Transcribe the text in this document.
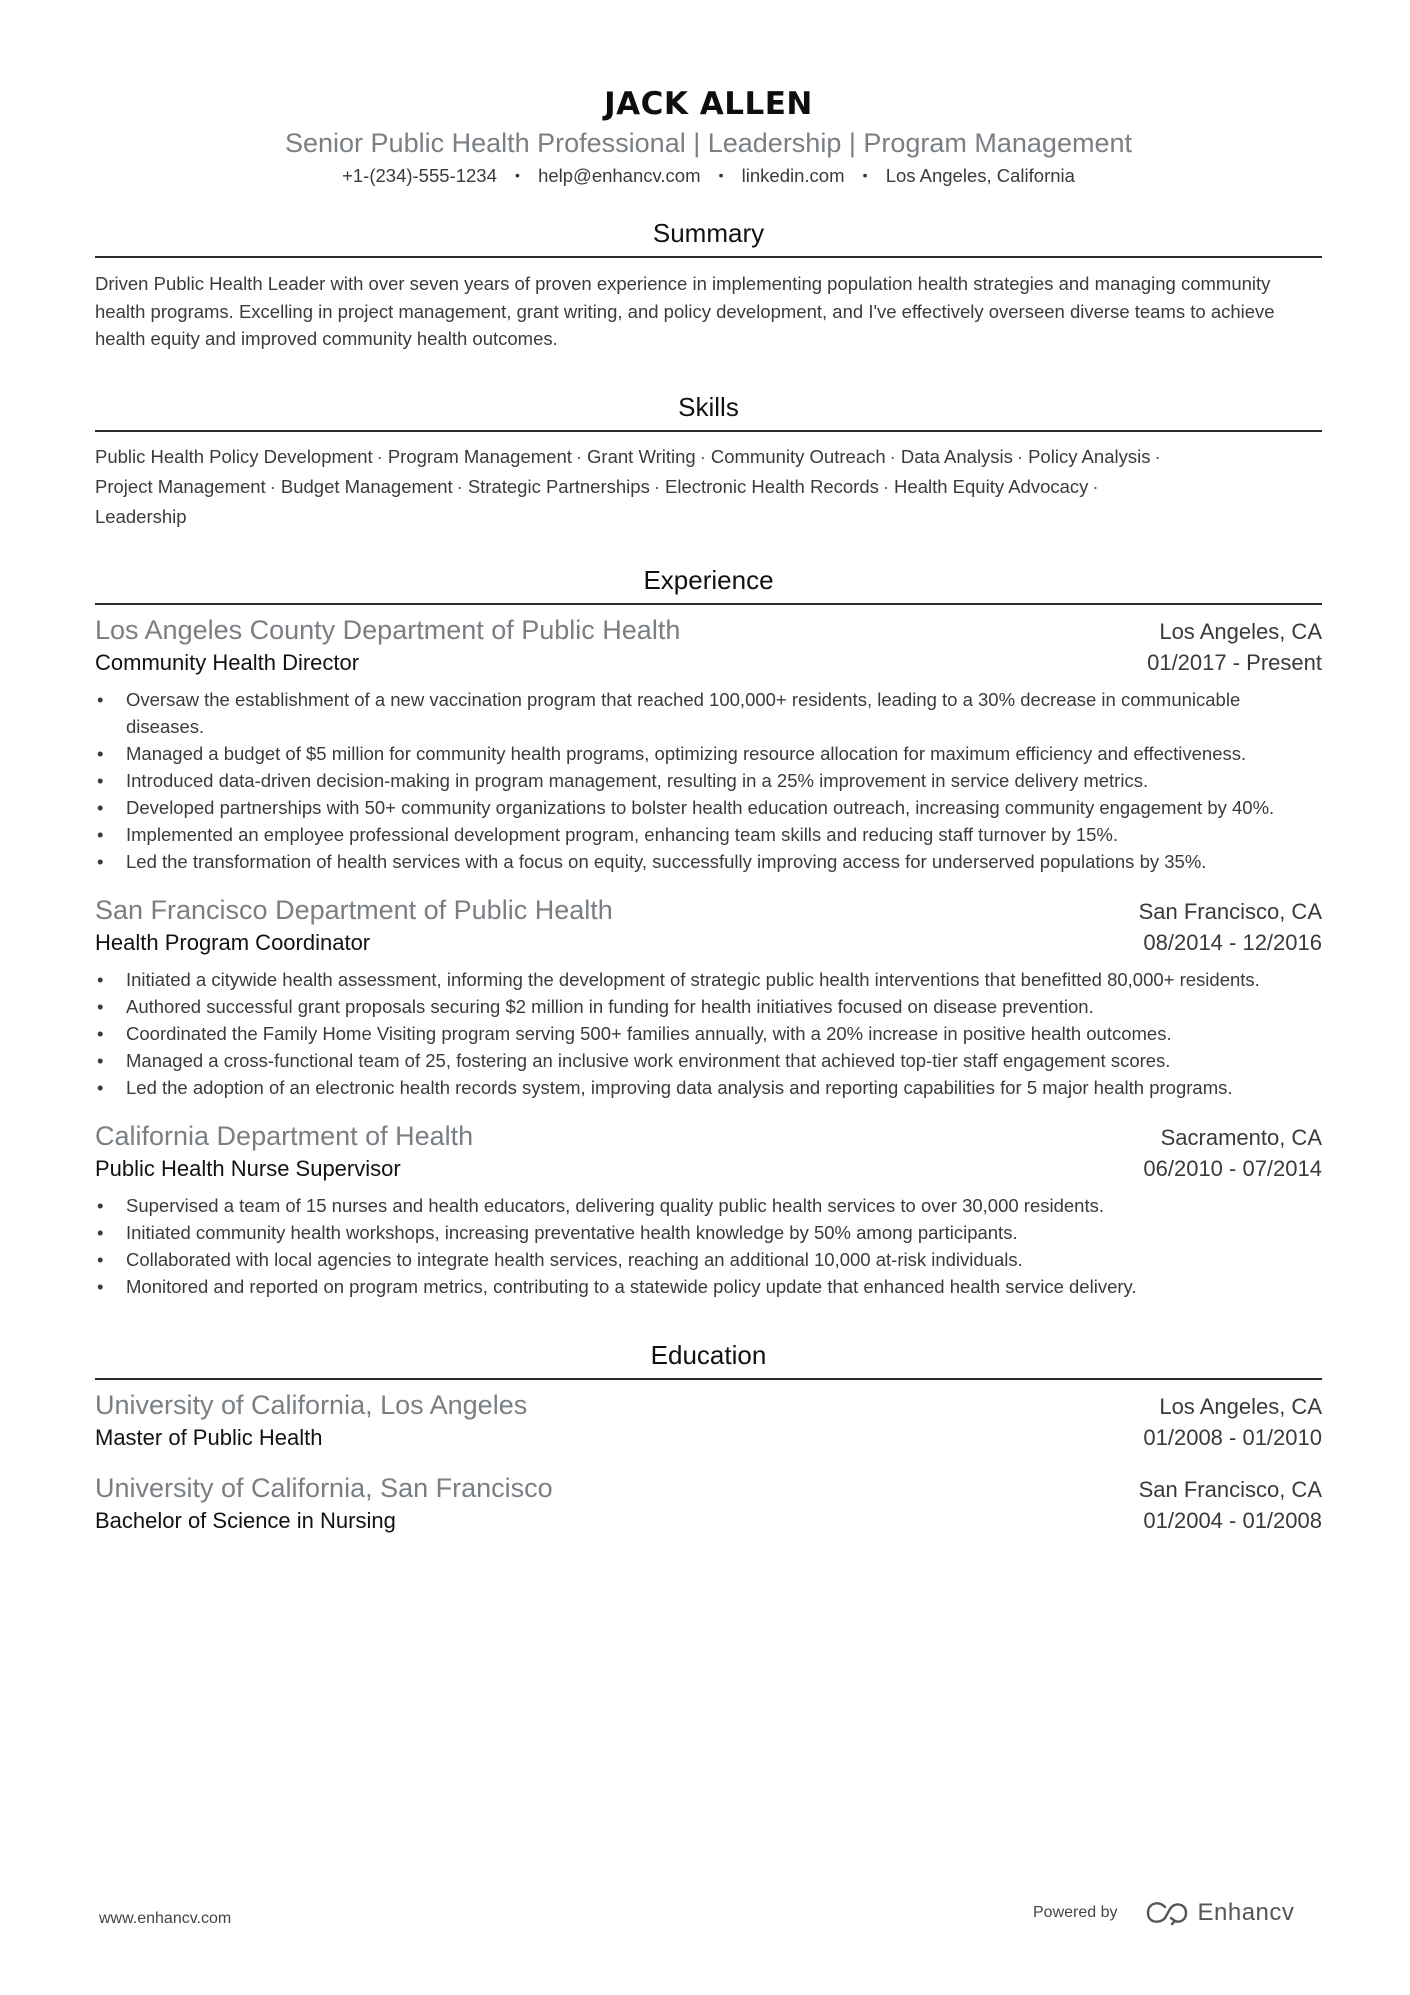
JACK ALLEN
Senior Public Health Professional | Leadership | Program Management
+1-(234)-555-1234 • help@enhancv.com • linkedin.com • Los Angeles, California
Summary

Driven Public Health Leader with over seven years of proven experience in implementing population health strategies and managing community health programs. Excelling in project management, grant writing, and policy development, and I've effectively overseen diverse teams to achieve health equity and improved community health outcomes.

Skills
Public Health Policy Development · Program Management · Grant Writing · Community Outreach · Data Analysis · Policy Analysis ·
Project Management · Budget Management · Strategic Partnerships · Electronic Health Records · Health Equity Advocacy ·
Leadership
Experience
Los Angeles County Department of Public Health	Los Angeles, CA
Community Health Director	01/2017 - Present
• Oversaw the establishment of a new vaccination program that reached 100,000+ residents, leading to a 30% decrease in communicable diseases.
• Managed a budget of $5 million for community health programs, optimizing resource allocation for maximum efficiency and effectiveness.
• Introduced data-driven decision-making in program management, resulting in a 25% improvement in service delivery metrics.
• Developed partnerships with 50+ community organizations to bolster health education outreach, increasing community engagement by 40%.
• Implemented an employee professional development program, enhancing team skills and reducing staff turnover by 15%.
• Led the transformation of health services with a focus on equity, successfully improving access for underserved populations by 35%.
San Francisco Department of Public Health	San Francisco, CA
Health Program Coordinator	08/2014 - 12/2016
• Initiated a citywide health assessment, informing the development of strategic public health interventions that benefitted 80,000+ residents.
• Authored successful grant proposals securing $2 million in funding for health initiatives focused on disease prevention.
• Coordinated the Family Home Visiting program serving 500+ families annually, with a 20% increase in positive health outcomes.
• Managed a cross-functional team of 25, fostering an inclusive work environment that achieved top-tier staff engagement scores.
• Led the adoption of an electronic health records system, improving data analysis and reporting capabilities for 5 major health programs.
California Department of Health	Sacramento, CA
Public Health Nurse Supervisor	06/2010 - 07/2014
• Supervised a team of 15 nurses and health educators, delivering quality public health services to over 30,000 residents.
• Initiated community health workshops, increasing preventative health knowledge by 50% among participants.
• Collaborated with local agencies to integrate health services, reaching an additional 10,000 at-risk individuals.
• Monitored and reported on program metrics, contributing to a statewide policy update that enhanced health service delivery.
Education
University of California, Los Angeles	Los Angeles, CA
Master of Public Health	01/2008 - 01/2010
University of California, San Francisco	San Francisco, CA
Bachelor of Science in Nursing	01/2004 - 01/2008
www.enhancv.com	Powered by	Enhancv
